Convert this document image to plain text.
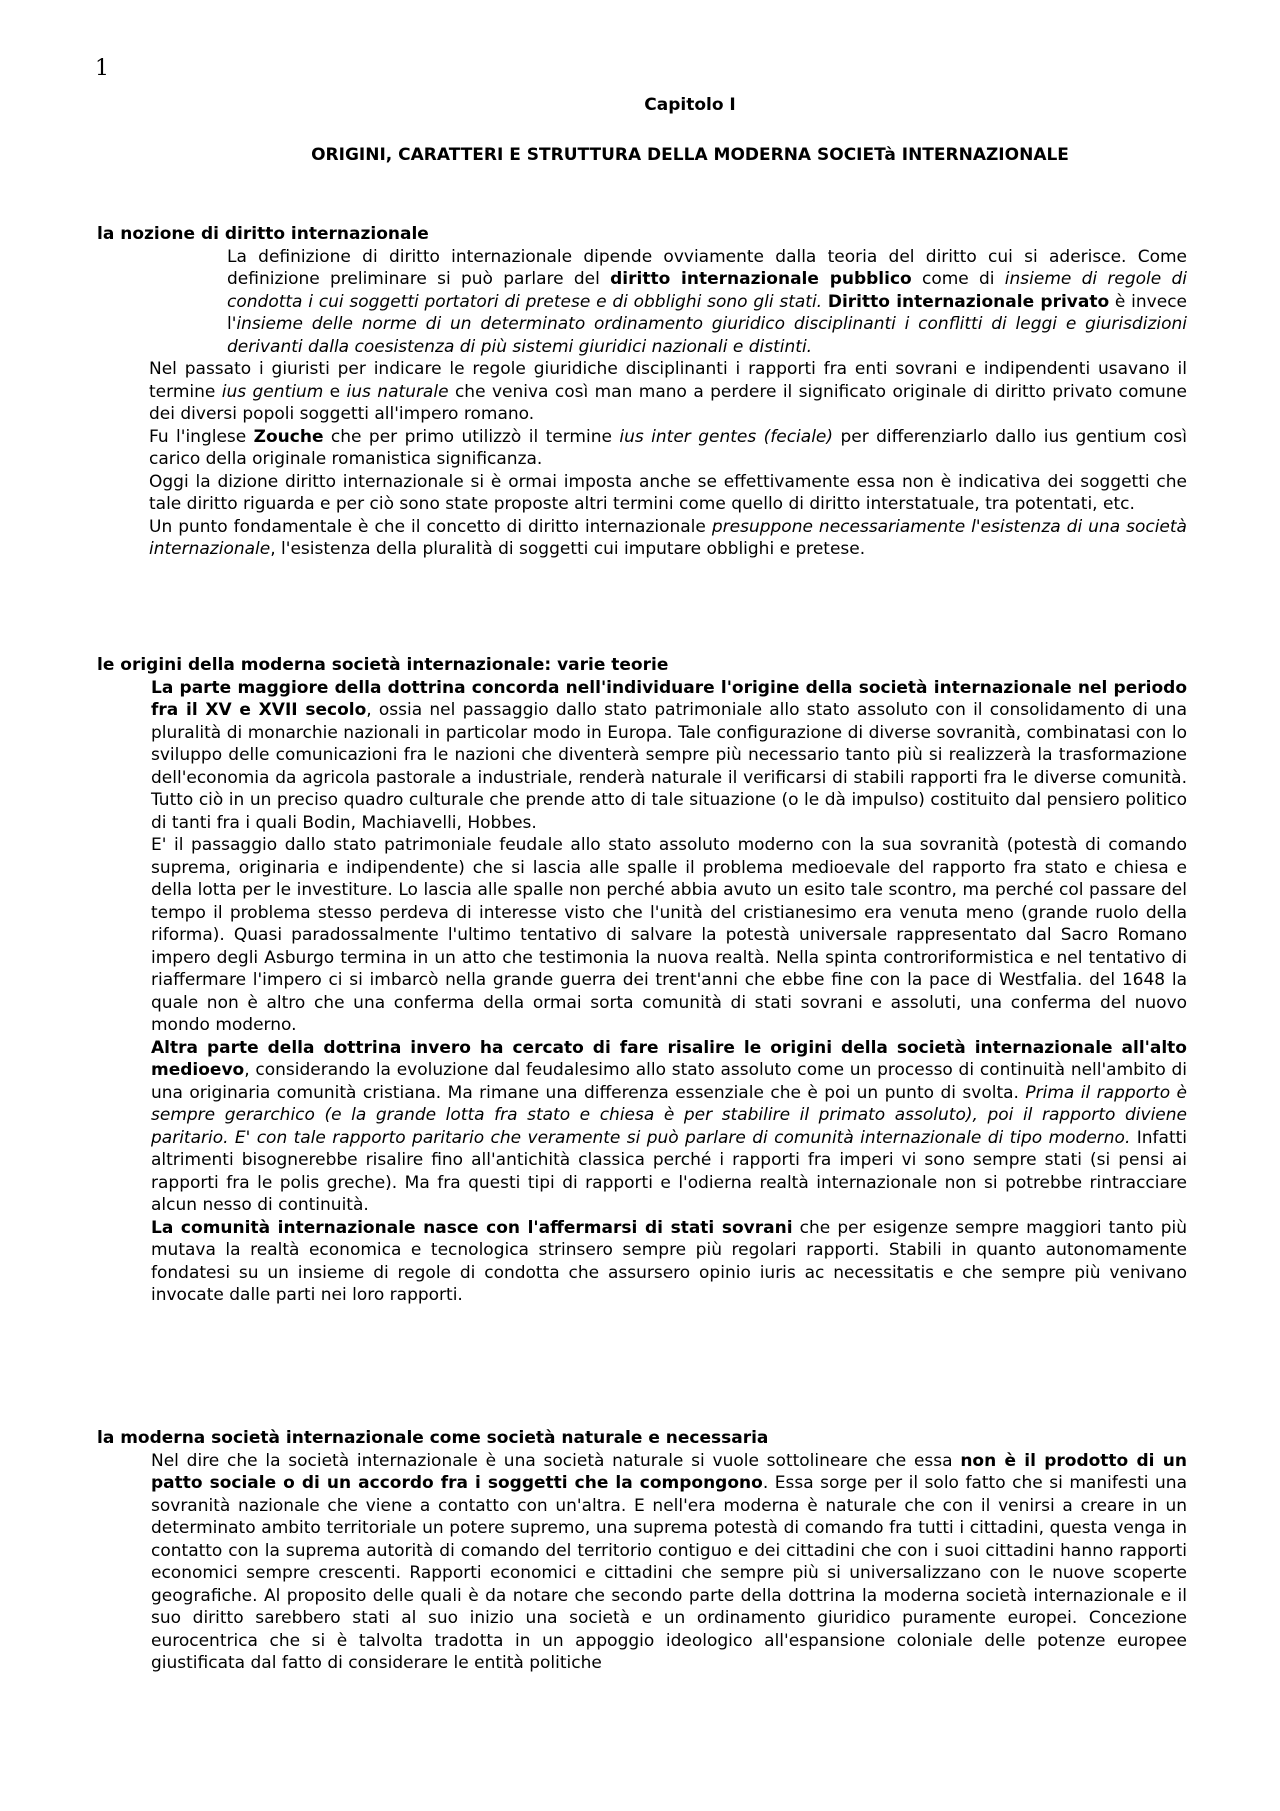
1
Capitolo I
ORIGINI, CARATTERI E STRUTTURA DELLA MODERNA SOCIETà INTERNAZIONALE
la nozione di diritto internazionale

La definizione di diritto internazionale dipende ovviamente dalla teoria del diritto cui si aderisce. Come definizione preliminare si può parlare del diritto internazionale pubblico come di insieme di regole di condotta i cui soggetti portatori di pretese e di obblighi sono gli stati. Diritto internazionale privato è invece l'insieme delle norme di un determinato ordinamento giuridico disciplinanti i conflitti di leggi e giurisdizioni derivanti dalla coesistenza di più sistemi giuridici nazionali e distinti.

Nel passato i giuristi per indicare le regole giuridiche disciplinanti i rapporti fra enti sovrani e indipendenti usavano il termine ius gentium e ius naturale che veniva così man mano a perdere il significato originale di diritto privato comune dei diversi popoli soggetti all'impero romano.

Fu l'inglese Zouche che per primo utilizzò il termine ius inter gentes (feciale) per differenziarlo dallo ius gentium così carico della originale romanistica significanza.

Oggi la dizione diritto internazionale si è ormai imposta anche se effettivamente essa non è indicativa dei soggetti che tale diritto riguarda e per ciò sono state proposte altri termini come quello di diritto interstatuale, tra potentati, etc.

Un punto fondamentale è che il concetto di diritto internazionale presuppone necessariamente l'esistenza di una società internazionale, l'esistenza della pluralità di soggetti cui imputare obblighi e pretese.

le origini della moderna società internazionale: varie teorie

La parte maggiore della dottrina concorda nell'individuare l'origine della società internazionale nel periodo fra il XV e XVII secolo, ossia nel passaggio dallo stato patrimoniale allo stato assoluto con il consolidamento di una pluralità di monarchie nazionali in particolar modo in Europa. Tale configurazione di diverse sovranità, combinatasi con lo sviluppo delle comunicazioni fra le nazioni che diventerà sempre più necessario tanto più si realizzerà la trasformazione dell'economia da agricola pastorale a industriale, renderà naturale il verificarsi di stabili rapporti fra le diverse comunità. Tutto ciò in un preciso quadro culturale che prende atto di tale situazione (o le dà impulso) costituito dal pensiero politico di tanti fra i quali Bodin, Machiavelli, Hobbes.

E' il passaggio dallo stato patrimoniale feudale allo stato assoluto moderno con la sua sovranità (potestà di comando suprema, originaria e indipendente) che si lascia alle spalle il problema medioevale del rapporto fra stato e chiesa e della lotta per le investiture. Lo lascia alle spalle non perché abbia avuto un esito tale scontro, ma perché col passare del tempo il problema stesso perdeva di interesse visto che l'unità del cristianesimo era venuta meno (grande ruolo della riforma). Quasi paradossalmente l'ultimo tentativo di salvare la potestà universale rappresentato dal Sacro Romano impero degli Asburgo termina in un atto che testimonia la nuova realtà. Nella spinta controriformistica e nel tentativo di riaffermare l'impero ci si imbarcò nella grande guerra dei trent'anni che ebbe fine con la pace di Westfalia. del 1648 la quale non è altro che una conferma della ormai sorta comunità di stati sovrani e assoluti, una conferma del nuovo mondo moderno.

Altra parte della dottrina invero ha cercato di fare risalire le origini della società internazionale all'alto medioevo, considerando la evoluzione dal feudalesimo allo stato assoluto come un processo di continuità nell'ambito di una originaria comunità cristiana. Ma rimane una differenza essenziale che è poi un punto di svolta. Prima il rapporto è sempre gerarchico (e la grande lotta fra stato e chiesa è per stabilire il primato assoluto), poi il rapporto diviene paritario. E' con tale rapporto paritario che veramente si può parlare di comunità internazionale di tipo moderno. Infatti altrimenti bisognerebbe risalire fino all'antichità classica perché i rapporti fra imperi vi sono sempre stati (si pensi ai rapporti fra le polis greche). Ma fra questi tipi di rapporti e l'odierna realtà internazionale non si potrebbe rintracciare alcun nesso di continuità.

La comunità internazionale nasce con l'affermarsi di stati sovrani che per esigenze sempre maggiori tanto più mutava la realtà economica e tecnologica strinsero sempre più regolari rapporti. Stabili in quanto autonomamente fondatesi su un insieme di regole di condotta che assursero opinio iuris ac necessitatis e che sempre più venivano invocate dalle parti nei loro rapporti.

la moderna società internazionale come società naturale e necessaria

Nel dire che la società internazionale è una società naturale si vuole sottolineare che essa non è il prodotto di un patto sociale o di un accordo fra i soggetti che la compongono. Essa sorge per il solo fatto che si manifesti una sovranità nazionale che viene a contatto con un'altra. E nell'era moderna è naturale che con il venirsi a creare in un determinato ambito territoriale un potere supremo, una suprema potestà di comando fra tutti i cittadini, questa venga in contatto con la suprema autorità di comando del territorio contiguo e dei cittadini che con i suoi cittadini hanno rapporti economici sempre crescenti. Rapporti economici e cittadini che sempre più si universalizzano con le nuove scoperte geografiche. Al proposito delle quali è da notare che secondo parte della dottrina la moderna società internazionale e il suo diritto sarebbero stati al suo inizio una società e un ordinamento giuridico puramente europei. Concezione eurocentrica che si è talvolta tradotta in un appoggio ideologico all'espansione coloniale delle potenze europee giustificata dal fatto di considerare le entità politiche
